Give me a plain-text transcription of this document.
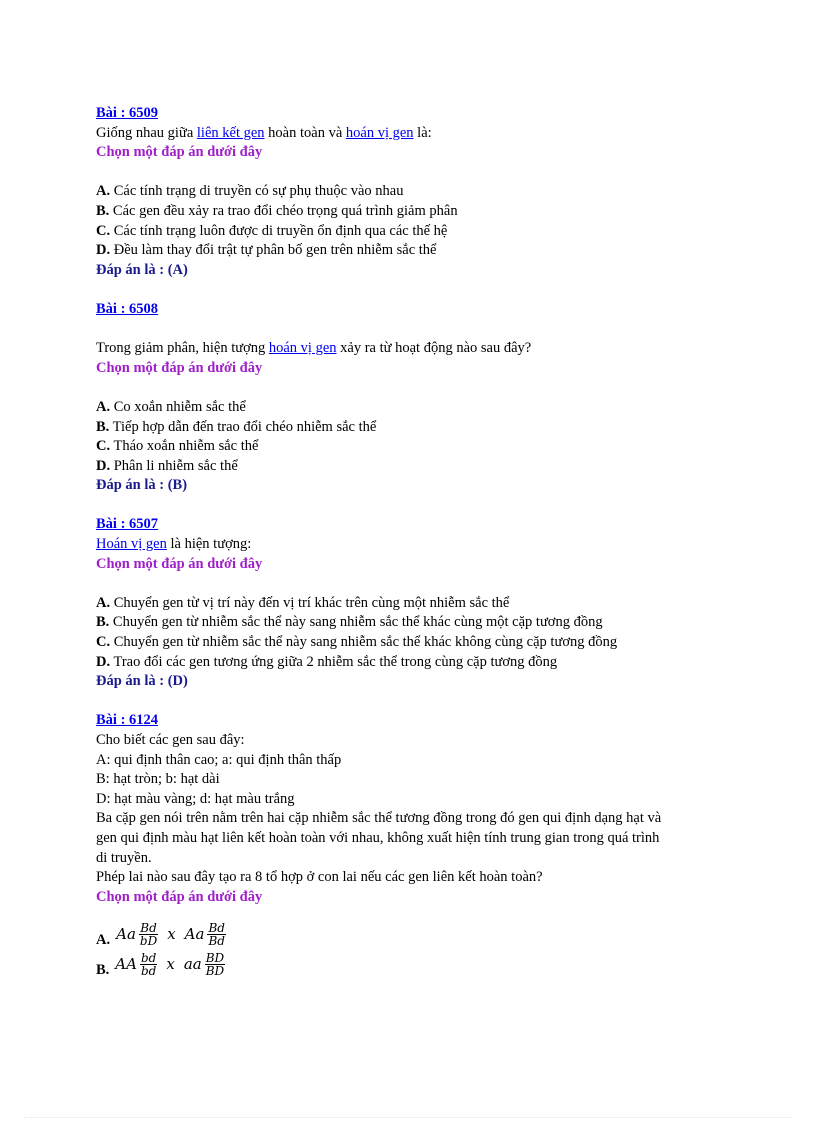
Bài : 6509
Giống nhau giữa liên kết gen hoàn toàn và hoán vị gen là:
Chọn một đáp án dưới đây
A. Các tính trạng di truyền có sự phụ thuộc vào nhau
B. Các gen đều xảy ra trao đổi chéo trọng quá trình giảm phân
C. Các tính trạng luôn được di truyền ổn định qua các thế hệ
D. Đều làm thay đổi trật tự phân bố gen trên nhiễm sắc thể
Đáp án là : (A)
Bài : 6508
Trong giảm phân, hiện tượng hoán vị gen xảy ra từ hoạt động nào sau đây?
Chọn một đáp án dưới đây
A. Co xoắn nhiễm sắc thể
B. Tiếp hợp dẫn đến trao đổi chéo nhiễm sắc thể
C. Tháo xoắn nhiễm sắc thể
D. Phân li nhiễm sắc thể
Đáp án là : (B)
Bài : 6507
Hoán vị gen là hiện tượng:
Chọn một đáp án dưới đây
A. Chuyển gen từ vị trí này đến vị trí khác trên cùng một nhiễm sắc thể
B. Chuyển gen từ nhiễm sắc thể này sang nhiễm sắc thể khác cùng một cặp tương đồng
C. Chuyển gen từ nhiễm sắc thể này sang nhiễm sắc thể khác không cùng cặp tương đồng
D. Trao đổi các gen tương ứng giữa 2 nhiễm sắc thể trong cùng cặp tương đồng
Đáp án là : (D)
Bài : 6124
Cho biết các gen sau đây:
A: qui định thân cao; a: qui định thân thấp
B: hạt tròn; b: hạt dài
D: hạt màu vàng; d: hạt màu trắng
Ba cặp gen nói trên nằm trên hai cặp nhiễm sắc thể tương đồng trong đó gen qui định dạng hạt và
gen qui định màu hạt liên kết hoàn toàn với nhau, không xuất hiện tính trung gian trong quá trình
di truyền.
Phép lai nào sau đây tạo ra 8 tổ hợp ở con lai nếu các gen liên kết hoàn toàn?
Chọn một đáp án dưới đây
A. Aa $\frac{Bd}{bD}$ x Aa $\frac{Bd}{Bd}$
B. AA $\frac{bd}{bd}$ x aa $\frac{BD}{BD}$
